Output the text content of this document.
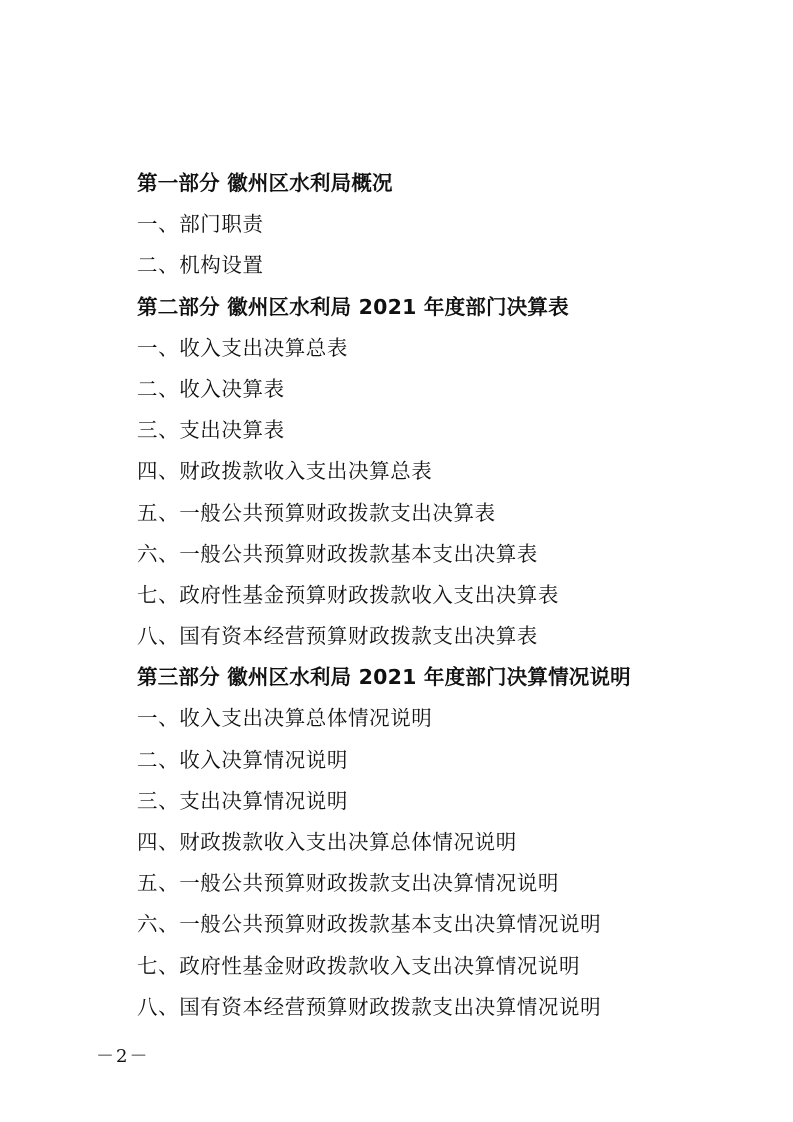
第一部分 徽州区水利局概况
一、部门职责
二、机构设置
第二部分 徽州区水利局 2021 年度部门决算表
一、收入支出决算总表
二、收入决算表
三、支出决算表
四、财政拨款收入支出决算总表
五、一般公共预算财政拨款支出决算表
六、一般公共预算财政拨款基本支出决算表
七、政府性基金预算财政拨款收入支出决算表
八、国有资本经营预算财政拨款支出决算表
第三部分 徽州区水利局 2021 年度部门决算情况说明
一、收入支出决算总体情况说明
二、收入决算情况说明
三、支出决算情况说明
四、财政拨款收入支出决算总体情况说明
五、一般公共预算财政拨款支出决算情况说明
六、一般公共预算财政拨款基本支出决算情况说明
七、政府性基金财政拨款收入支出决算情况说明
八、国有资本经营预算财政拨款支出决算情况说明
－2－
